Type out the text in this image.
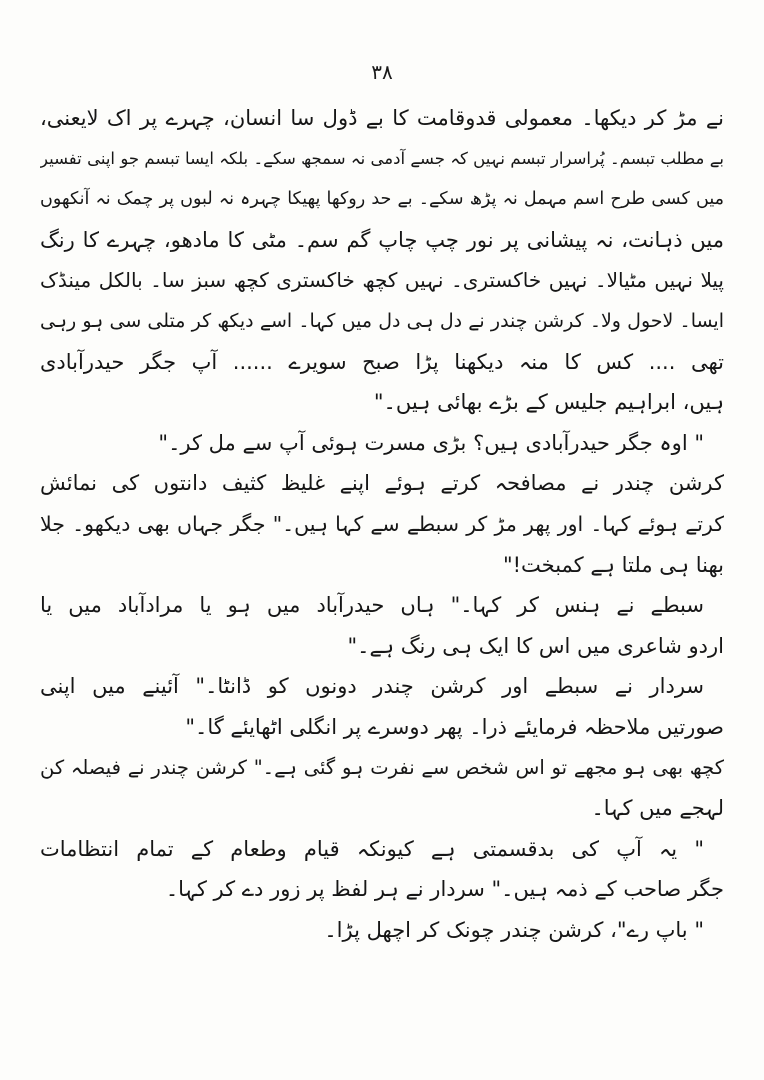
۳۸
نے مڑ کر دیکھا۔ معمولی قدوقامت کا بے ڈول سا انسان، چہرے پر اک لایعنی،
بے مطلب تبسم۔ پُراسرار تبسم نہیں کہ جسے آدمی نہ سمجھ سکے۔ بلکہ ایسا تبسم جو اپنی تفسیر
میں کسی طرح اسم مہمل نہ پڑھ سکے۔ بے حد روکھا پھیکا چہرہ نہ لبوں پر چمک نہ آنکھوں
میں ذہانت، نہ پیشانی پر نور چپ چاپ گم سم۔ مٹی کا مادھو، چہرے کا رنگ
پیلا نہیں مٹیالا۔ نہیں خاکستری۔ نہیں کچھ خاکستری کچھ سبز سا۔ بالکل مینڈک
ایسا۔ لاحول ولا۔ کرشن چندر نے دل ہی دل میں کہا۔ اسے دیکھ کر متلی سی ہو رہی
تھی .... کس کا منہ دیکھنا پڑا صبح سویرے ...... آپ جگر حیدرآبادی
ہیں، ابراہیم جلیس کے بڑے بھائی ہیں۔"
" اوہ جگر حیدرآبادی ہیں؟ بڑی مسرت ہوئی آپ سے مل کر۔"
کرشن چندر نے مصافحہ کرتے ہوئے اپنے غلیظ کثیف دانتوں کی نمائش
کرتے ہوئے کہا۔ اور پھر مڑ کر سبطے سے کہا ہیں۔" جگر جہاں بھی دیکھو۔ جلا
بھنا ہی ملتا ہے کمبخت!"
سبطے نے ہنس کر کہا۔" ہاں حیدرآباد میں ہو یا مرادآباد میں یا
اردو شاعری میں اس کا ایک ہی رنگ ہے۔"
سردار نے سبطے اور کرشن چندر دونوں کو ڈانٹا۔" آئینے میں اپنی
صورتیں ملاحظہ فرمایئے ذرا۔ پھر دوسرے پر انگلی اٹھایئے گا۔"
کچھ بھی ہو مجھے تو اس شخص سے نفرت ہو گئی ہے۔" کرشن چندر نے فیصلہ کن
لہجے میں کہا۔
" یہ آپ کی بدقسمتی ہے کیونکہ قیام وطعام کے تمام انتظامات
جگر صاحب کے ذمہ ہیں۔" سردار نے ہر لفظ پر زور دے کر کہا۔
" باپ رے"، کرشن چندر چونک کر اچھل پڑا۔
